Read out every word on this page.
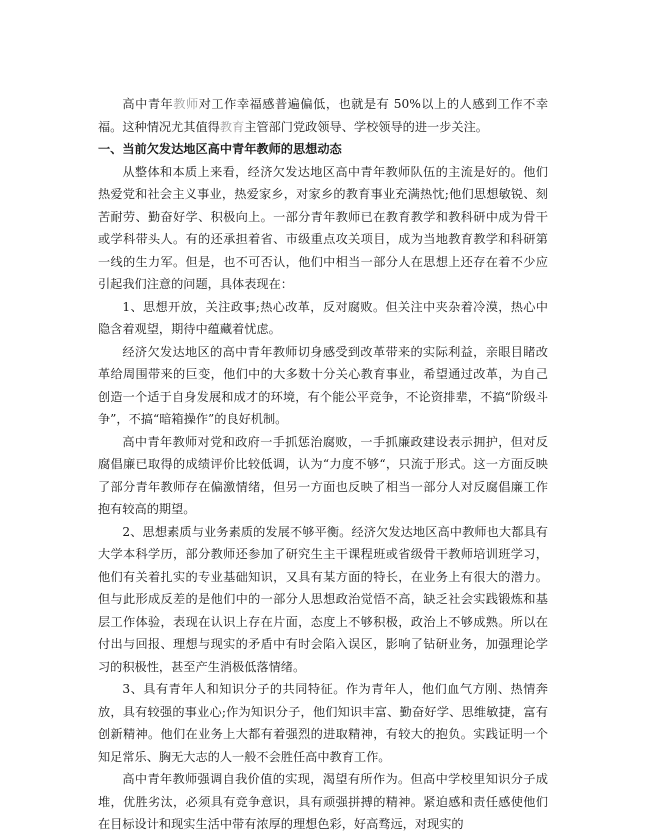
高中青年教师对工作幸福感普遍偏低，也就是有 50%以上的人感到工作不幸福。这种情况尤其值得教育主管部门党政领导、学校领导的进一步关注。

一、当前欠发达地区高中青年教师的思想动态

从整体和本质上来看，经济欠发达地区高中青年教师队伍的主流是好的。他们热爱党和社会主义事业，热爱家乡，对家乡的教育事业充满热忱;他们思想敏锐、刻苦耐劳、勤奋好学、积极向上。一部分青年教师已在教育教学和教科研中成为骨干或学科带头人。有的还承担着省、市级重点攻关项目，成为当地教育教学和科研第一线的生力军。但是，也不可否认，他们中相当一部分人在思想上还存在着不少应引起我们注意的问题，具体表现在：

1、思想开放，关注政事;热心改革，反对腐败。但关注中夹杂着冷漠，热心中隐含着观望，期待中蕴藏着忧虑。

经济欠发达地区的高中青年教师切身感受到改革带来的实际利益，亲眼目睹改革给周围带来的巨变，他们中的大多数十分关心教育事业，希望通过改革，为自己创造一个适于自身发展和成才的环境，有个能公平竞争，不论资排辈，不搞“阶级斗争”，不搞“暗箱操作”的良好机制。

高中青年教师对党和政府一手抓惩治腐败，一手抓廉政建设表示拥护，但对反腐倡廉已取得的成绩评价比较低调，认为“力度不够“，只流于形式。这一方面反映了部分青年教师存在偏激情绪，但另一方面也反映了相当一部分人对反腐倡廉工作抱有较高的期望。

2、思想素质与业务素质的发展不够平衡。经济欠发达地区高中教师也大都具有大学本科学历，部分教师还参加了研究生主干课程班或省级骨干教师培训班学习，他们有关着扎实的专业基础知识，又具有某方面的特长，在业务上有很大的潜力。但与此形成反差的是他们中的一部分人思想政治觉悟不高，缺乏社会实践锻炼和基层工作体验，表现在认识上存在片面，态度上不够积极，政治上不够成熟。所以在付出与回报、理想与现实的矛盾中有时会陷入误区，影响了钻研业务，加强理论学习的积极性，甚至产生消极低落情绪。

3、具有青年人和知识分子的共同特征。作为青年人，他们血气方刚、热情奔放，具有较强的事业心;作为知识分子，他们知识丰富、勤奋好学、思维敏捷，富有创新精神。他们在业务上大都有着强烈的进取精神，有较大的抱负。实践证明一个知足常乐、胸无大志的人一般不会胜任高中教育工作。

高中青年教师强调自我价值的实现，渴望有所作为。但高中学校里知识分子成堆，优胜劣汰，必须具有竞争意识，具有顽强拼搏的精神。紧迫感和责任感使他们在目标设计和现实生活中带有浓厚的理想色彩，好高骛远，对现实的
